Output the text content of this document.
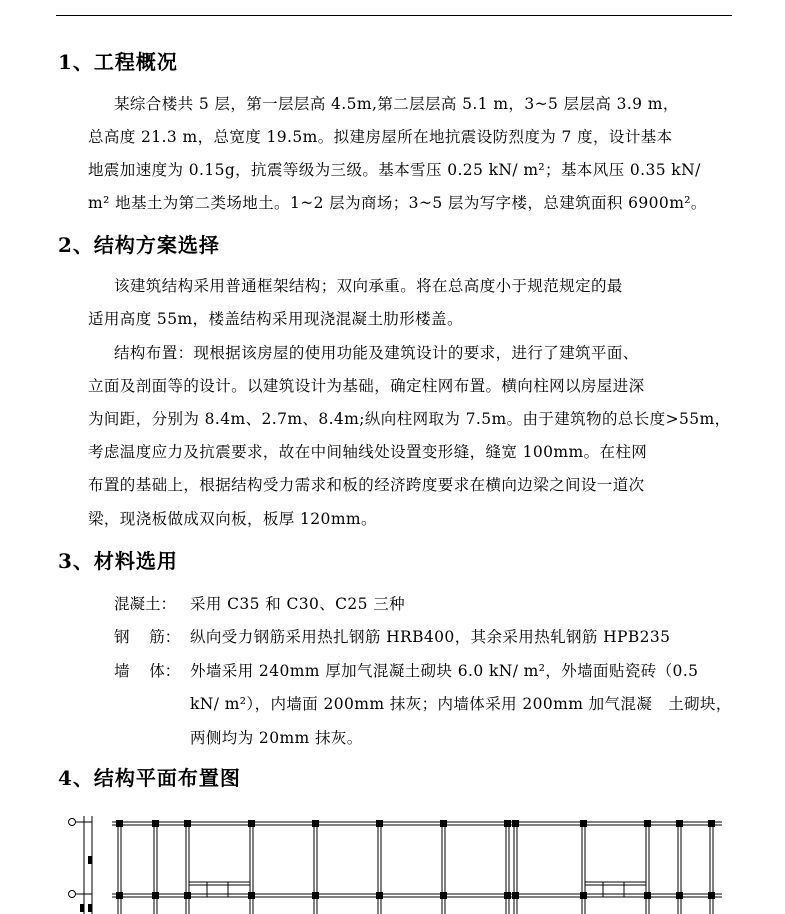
1、工程概况
某综合楼共 5 层，第一层层高 4.5m,第二层层高 5.1 m，3~5 层层高 3.9 m，
总高度 21.3 m，总宽度 19.5m。拟建房屋所在地抗震设防烈度为 7 度，设计基本
地震加速度为 0.15g，抗震等级为三级。基本雪压 0.25 kN/ m²；基本风压 0.35 kN/
m² 地基土为第二类场地土。1~2 层为商场；3~5 层为写字楼，总建筑面积 6900m²。
2、结构方案选择
该建筑结构采用普通框架结构；双向承重。将在总高度小于规范规定的最
适用高度 55m，楼盖结构采用现浇混凝土肋形楼盖。
结构布置：现根据该房屋的使用功能及建筑设计的要求，进行了建筑平面、
立面及剖面等的设计。以建筑设计为基础，确定柱网布置。横向柱网以房屋进深
为间距，分别为 8.4m、2.7m、8.4m;纵向柱网取为 7.5m。由于建筑物的总长度>55m，
考虑温度应力及抗震要求，故在中间轴线处设置变形缝，缝宽 100mm。在柱网
布置的基础上，根据结构受力需求和板的经济跨度要求在横向边梁之间设一道次
梁，现浇板做成双向板，板厚 120mm。
3、材料选用
混凝土： 采用 C35 和 C30、C25 三种
钢    筋： 纵向受力钢筋采用热扎钢筋 HRB400，其余采用热轧钢筋 HPB235
墙    体： 外墙采用 240mm 厚加气混凝土砌块 6.0 kN/ m²，外墙面贴瓷砖（0.5
kN/ m²），内墙面 200mm 抹灰；内墙体采用 200mm 加气混凝   土砌块，
两侧均为 20mm 抹灰。
4、结构平面布置图
